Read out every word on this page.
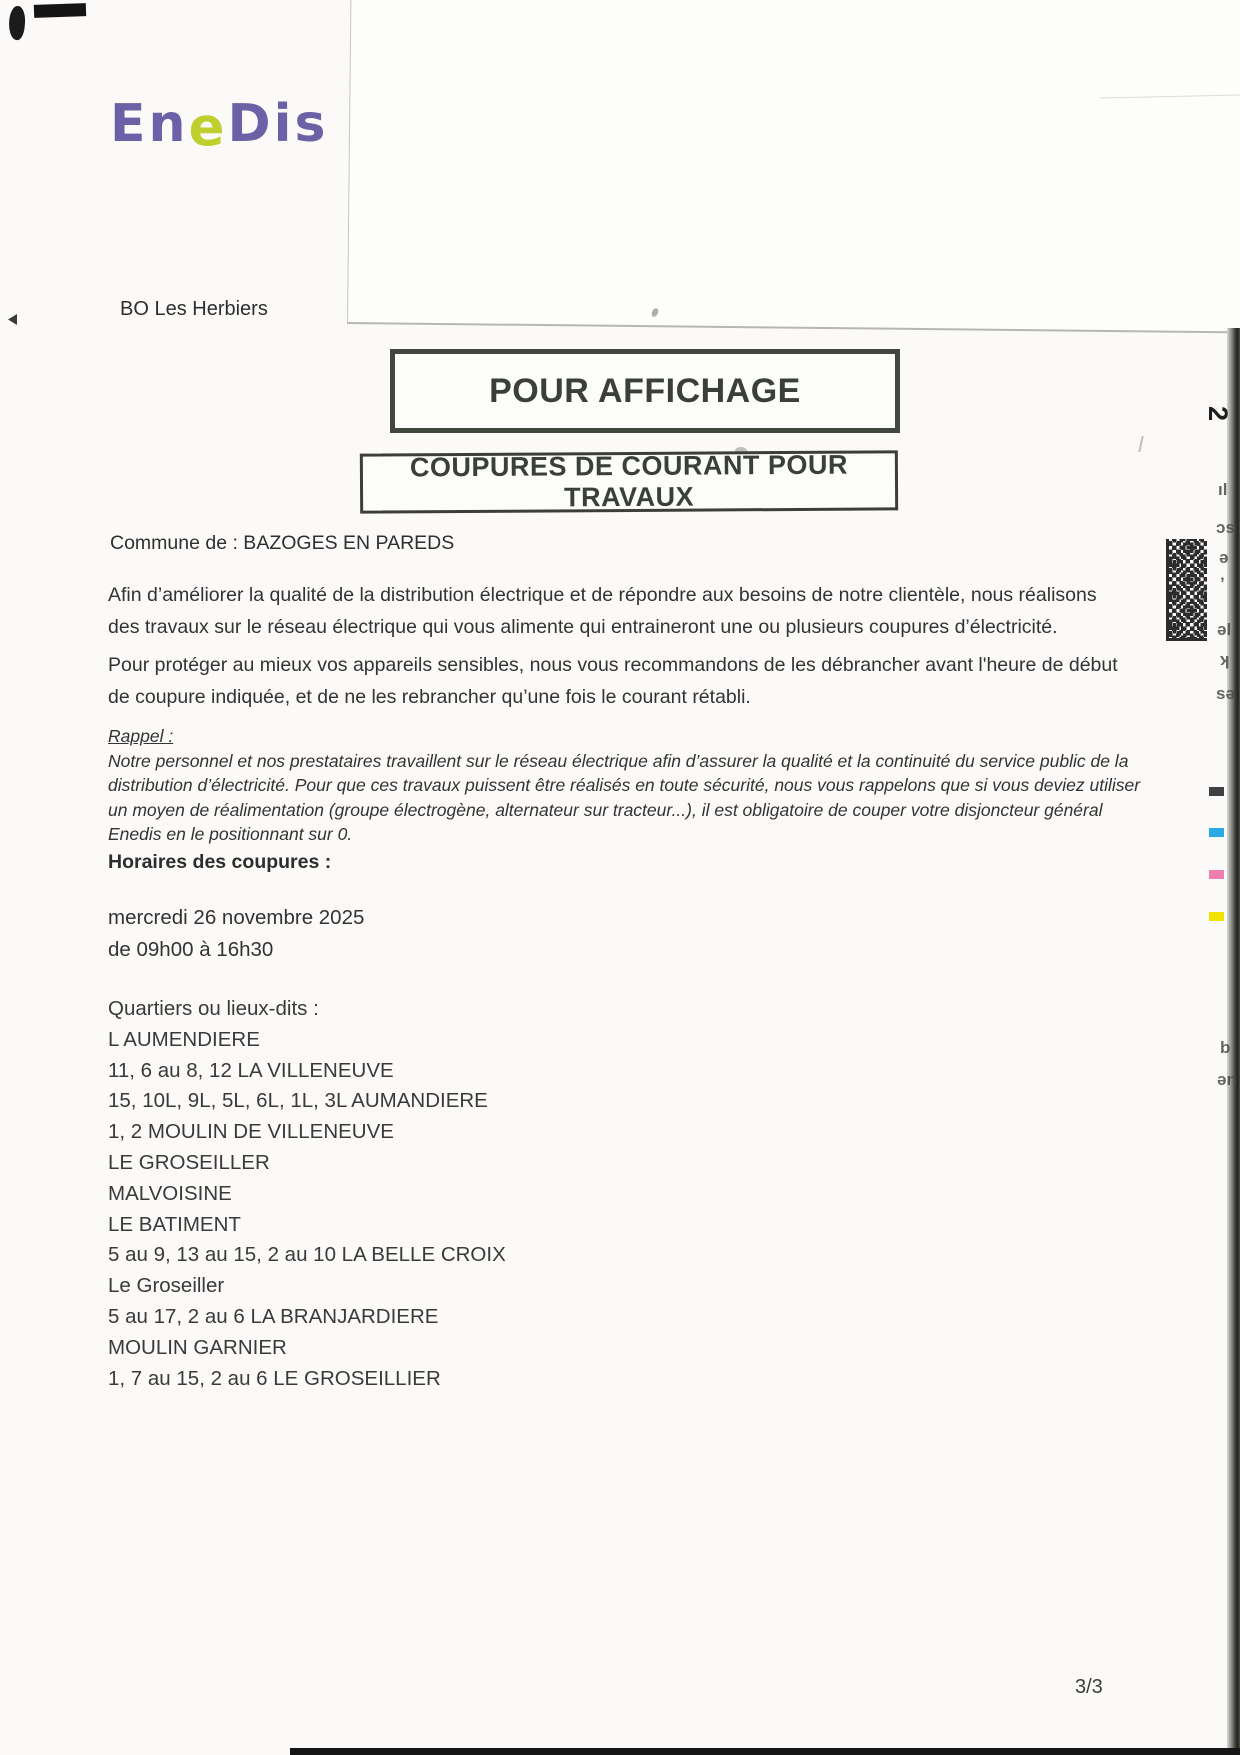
2
ıl
ɔs
ə
’
əl
ʞ
sə
b
ən
EneDis
BO Les Herbiers
POUR AFFICHAGE
COUPURES DE COURANT POUR TRAVAUX
Commune de : BAZOGES EN PAREDS

Afin d’améliorer la qualité de la distribution électrique et de répondre aux besoins de notre clientèle, nous réalisons des travaux sur le réseau électrique qui vous alimente qui entraineront une ou plusieurs coupures d’électricité.

Pour protéger au mieux vos appareils sensibles, nous vous recommandons de les débrancher avant l'heure de début de coupure indiquée, et de ne les rebrancher qu’une fois le courant rétabli.

Rappel :
Notre personnel et nos prestataires travaillent sur le réseau électrique afin d’assurer la qualité et la continuité du service public de la distribution d’électricité. Pour que ces travaux puissent être réalisés en toute sécurité, nous vous rappelons que si vous deviez utiliser un moyen de réalimentation (groupe électrogène, alternateur sur tracteur...), il est obligatoire de couper votre disjoncteur général Enedis en le positionnant sur 0.
Horaires des coupures :
mercredi 26 novembre 2025
de 09h00 à 16h30
Quartiers ou lieux-dits :
L AUMENDIERE
11, 6 au 8, 12 LA VILLENEUVE
15, 10L, 9L, 5L, 6L, 1L, 3L AUMANDIERE
1, 2 MOULIN DE VILLENEUVE
LE GROSEILLER
MALVOISINE
LE BATIMENT
5 au 9, 13 au 15, 2 au 10 LA BELLE CROIX
Le Groseiller
5 au 17, 2 au 6 LA BRANJARDIERE
MOULIN GARNIER
1, 7 au 15, 2 au 6 LE GROSEILLIER
3/3
